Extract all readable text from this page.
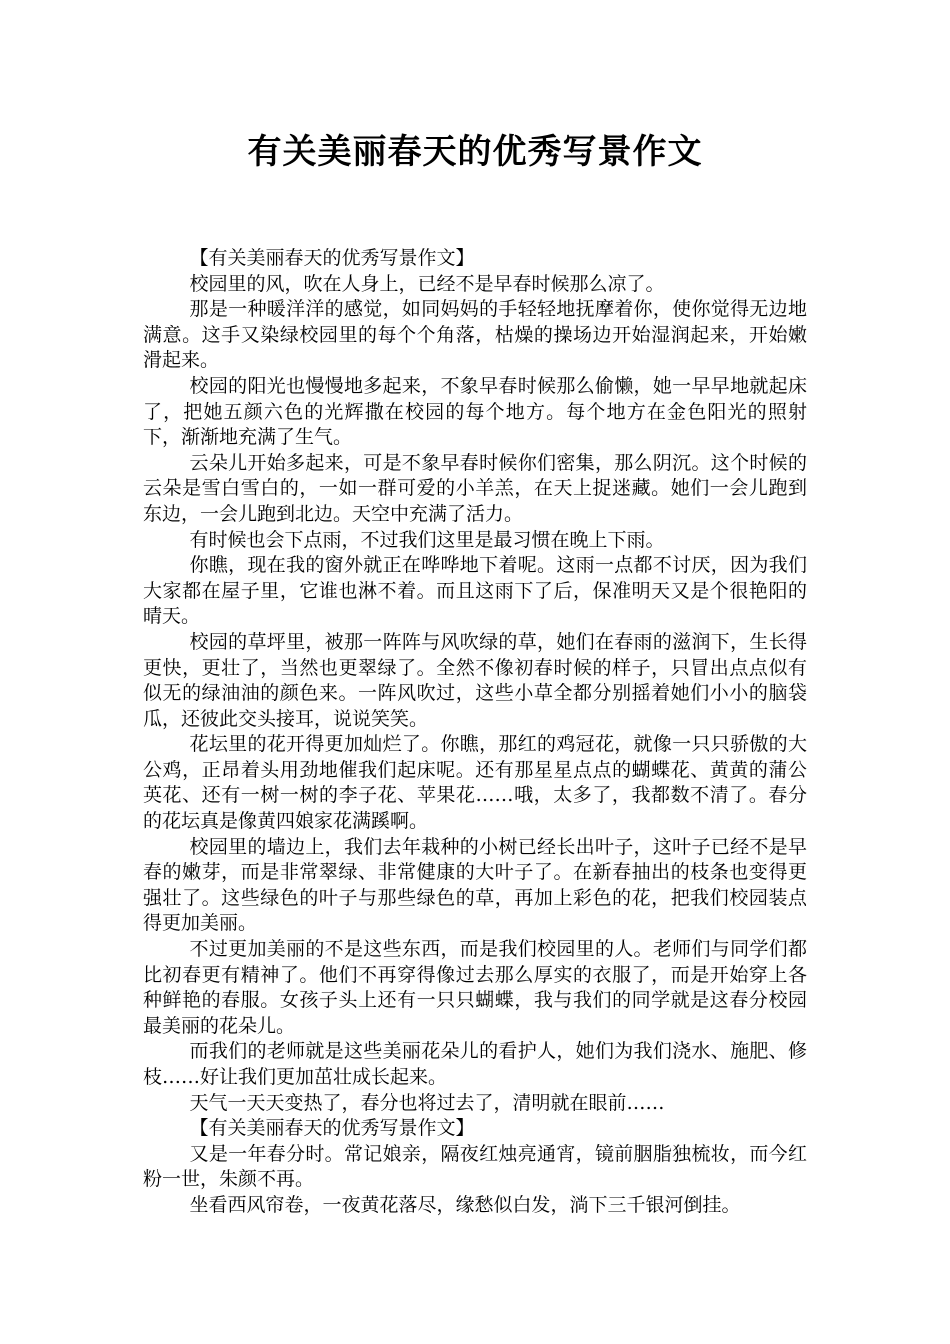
有关美丽春天的优秀写景作文

【有关美丽春天的优秀写景作文】

校园里的风，吹在人身上，已经不是早春时候那么凉了。

那是一种暖洋洋的感觉，如同妈妈的手轻轻地抚摩着你，使你觉得无边地满意。这手又染绿校园里的每个个角落，枯燥的操场边开始湿润起来，开始嫩滑起来。

校园的阳光也慢慢地多起来，不象早春时候那么偷懒，她一早早地就起床了，把她五颜六色的光辉撒在校园的每个地方。每个地方在金色阳光的照射下，渐渐地充满了生气。

云朵儿开始多起来，可是不象早春时候你们密集，那么阴沉。这个时候的云朵是雪白雪白的，一如一群可爱的小羊羔，在天上捉迷藏。她们一会儿跑到东边，一会儿跑到北边。天空中充满了活力。

有时候也会下点雨，不过我们这里是最习惯在晚上下雨。

你瞧，现在我的窗外就正在哗哗地下着呢。这雨一点都不讨厌，因为我们大家都在屋子里，它谁也淋不着。而且这雨下了后，保准明天又是个很艳阳的晴天。

校园的草坪里，被那一阵阵与风吹绿的草，她们在春雨的滋润下，生长得更快，更壮了，当然也更翠绿了。全然不像初春时候的样子，只冒出点点似有似无的绿油油的颜色来。一阵风吹过，这些小草全都分别摇着她们小小的脑袋瓜，还彼此交头接耳，说说笑笑。

花坛里的花开得更加灿烂了。你瞧，那红的鸡冠花，就像一只只骄傲的大公鸡，正昂着头用劲地催我们起床呢。还有那星星点点的蝴蝶花、黄黄的蒲公英花、还有一树一树的李子花、苹果花……哦，太多了，我都数不清了。春分的花坛真是像黄四娘家花满蹊啊。

校园里的墙边上，我们去年栽种的小树已经长出叶子，这叶子已经不是早春的嫩芽，而是非常翠绿、非常健康的大叶子了。在新春抽出的枝条也变得更强壮了。这些绿色的叶子与那些绿色的草，再加上彩色的花，把我们校园装点得更加美丽。

不过更加美丽的不是这些东西，而是我们校园里的人。老师们与同学们都比初春更有精神了。他们不再穿得像过去那么厚实的衣服了，而是开始穿上各种鲜艳的春服。女孩子头上还有一只只蝴蝶，我与我们的同学就是这春分校园最美丽的花朵儿。

而我们的老师就是这些美丽花朵儿的看护人，她们为我们浇水、施肥、修枝……好让我们更加茁壮成长起来。

天气一天天变热了，春分也将过去了，清明就在眼前……

【有关美丽春天的优秀写景作文】

又是一年春分时。常记娘亲，隔夜红烛亮通宵，镜前胭脂独梳妆，而今红粉一世，朱颜不再。

坐看西风帘卷，一夜黄花落尽，缘愁似白发，淌下三千银河倒挂。
